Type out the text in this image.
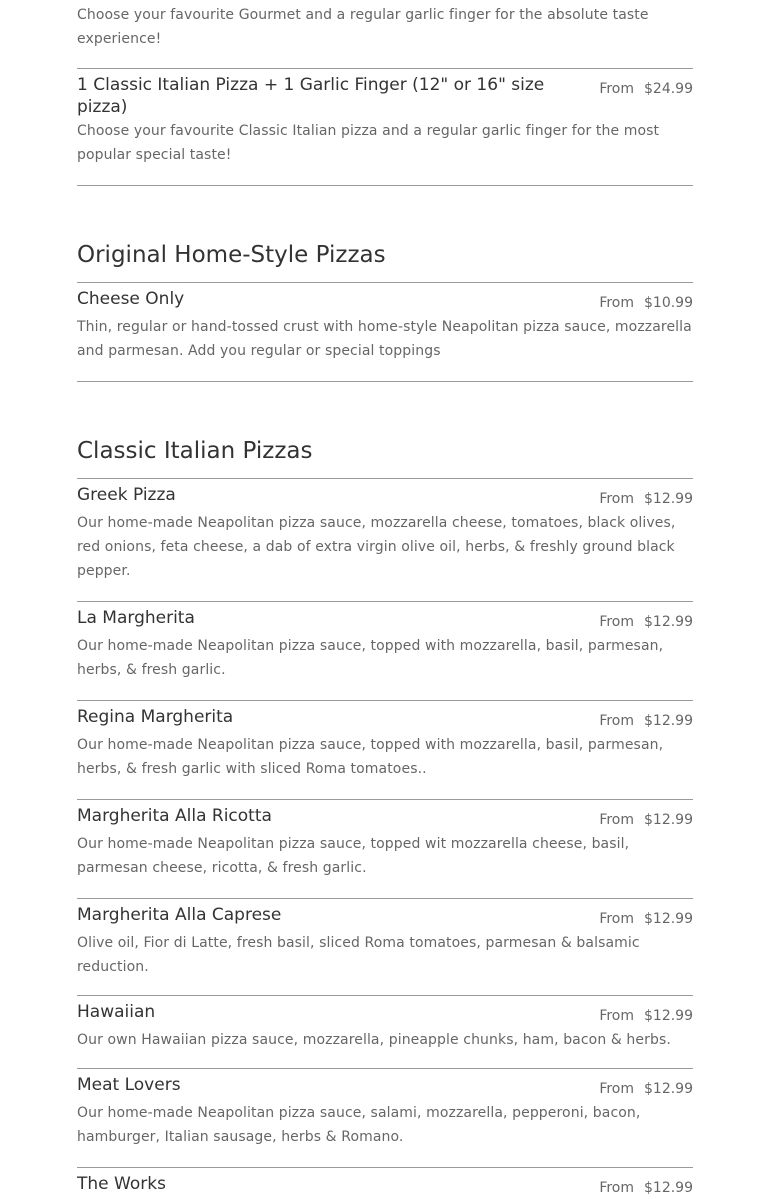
Choose your favourite Gourmet and a regular garlic finger for the absolute taste experience!

1 Classic Italian Pizza + 1 Garlic Finger (12" or 16" size pizza)
From $24.99

Choose your favourite Classic Italian pizza and a regular garlic finger for the most popular special taste!

Original Home-Style Pizzas
Cheese Only	From $10.99

Thin, regular or hand-tossed crust with home-style Neapolitan pizza sauce, mozzarella and parmesan. Add you regular or special toppings

Classic Italian Pizzas
Greek Pizza	From $12.99

Our home-made Neapolitan pizza sauce, mozzarella cheese, tomatoes, black olives, red onions, feta cheese, a dab of extra virgin olive oil, herbs, & freshly ground black pepper.

La Margherita	From $12.99

Our home-made Neapolitan pizza sauce, topped with mozzarella, basil, parmesan, herbs, & fresh garlic.

Regina Margherita	From $12.99

Our home-made Neapolitan pizza sauce, topped with mozzarella, basil, parmesan, herbs, & fresh garlic with sliced Roma tomatoes..

Margherita Alla Ricotta	From $12.99

Our home-made Neapolitan pizza sauce, topped wit mozzarella cheese, basil, parmesan cheese, ricotta, & fresh garlic.

Margherita Alla Caprese	From $12.99

Olive oil, Fior di Latte, fresh basil, sliced Roma tomatoes, parmesan & balsamic reduction.

Hawaiian	From $12.99

Our own Hawaiian pizza sauce, mozzarella, pineapple chunks, ham, bacon & herbs.

Meat Lovers	From $12.99

Our home-made Neapolitan pizza sauce, salami, mozzarella, pepperoni, bacon, hamburger, Italian sausage, herbs & Romano.

The Works	From $12.99
